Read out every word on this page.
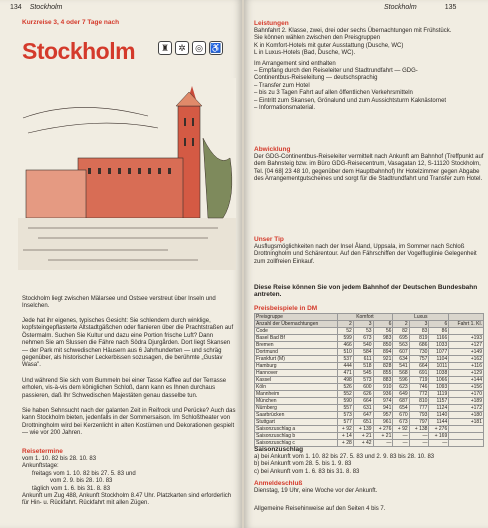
134 Stockholm
Kurzreise 3, 4 oder 7 Tage nach
Stockholm	♜	✲	◎ ♿
Stockholm liegt zwischen Mälarsee und Ostsee verstreut über Inseln und Inselchen.
Jede hat ihr eigenes, typisches Gesicht: Sie schlendern durch winklige, kopfsteingepflasterte Altstadtgäßchen oder flanieren über die Prachtstraßen auf Östermalm. Suchen Sie Kultur und dazu eine Portion frische Luft? Dann nehmen Sie am Slussen die Fähre nach Södra Djurgården. Dort liegt Skansen — der Park mit schwedischen Häusern aus 6 Jahrhunderten — und schräg gegenüber, als historischer Leckerbissen sozusagen, die berühmte „Gustav Wasa".
Und während Sie sich vom Bummeln bei einer Tasse Kaffee auf der Terrasse erholen, vis-à-vis dem königlichen Schloß, dann kann es Ihnen durchaus passieren, daß Ihr Schwedischen Majestäten genau dasselbe tun.
Sie haben Sehnsucht nach der galanten Zeit in Reifrock und Perücke? Auch das kann Stockholm bieten, jedenfalls in der Sommersaison. Im Schloßtheater von Drottningholm wird bei Kerzenlicht in alten Kostümen und Dekorationen gespielt — wie vor 200 Jahren.
Reisetermine
vom 1. 10. 82 bis 28. 10. 83
Ankunftstage:
freitags vom 1. 10. 82 bis 27. 5. 83 und
vom 2. 9. bis 28. 10. 83
täglich vom 1. 6. bis 31. 8. 83
Ankunft um Zug 488, Ankunft Stockholm 8.47 Uhr. Platzkarten sind erforderlich für Hin- u. Rückfahrt. Rückfahrt mit allen Zügen.
Stockholm	135
Leistungen
Bahnfahrt 2. Klasse, zwei, drei oder sechs Übernachtungen mit Frühstück.
Sie können wählen zwischen den Preisgruppen
K in Komfort-Hotels mit guter Ausstattung (Dusche, WC)
L in Luxus-Hotels (Bad, Dusche, WC).
Im Arrangement sind enthalten
– Empfang durch den Reiseleiter und Stadtrundfahrt — GDG-
Continentbus-Reiseleitung — deutschsprachig
– Transfer zum Hotel
– bis zu 3 Tagen Fahrt auf allen öffentlichen Verkehrsmitteln
– Eintritt zum Skansen, Grönalund und zum Aussichtsturm Kaknästornet
– Informationsmaterial.
Abwicklung
Der GDG-Continentbus-Reiseleiter vermittelt nach Ankunft am Bahnhof (Treffpunkt auf dem Bahnsteig bzw. im Büro GDG-Reisecentrum, Vasagatan 12, S-11120 Stockholm, Tel. [04 68] 23 48 10, gegenüber dem Hauptbahnhof) Ihr Hotelzimmer gegen Abgabe des Arrangementgutscheines und sorgt für die Stadtrundfahrt und Transfer zum Hotel.
Unser Tip
Ausflugsmöglichkeiten nach der Insel Åland, Uppsala, im Sommer nach Schloß Drottningholm und Schärentour. Auf den Fährschiffen der Vogelfluglinie Gelegenheit zum zollfreien Einkauf.
Diese Reise können Sie von jedem Bahnhof der Deutschen Bundesbahn antreten.
Preisbeispiele in DM
Preisgruppe	Komfort			Luxus			
Anzahl der Übernachtungen	2	3	6	2	3	6	Fahrt 1. Kl.
Code	52	53	56	82	83	86	
Basel Bad Bf	599	673	983	695	819	1166	+193
Bremen	466	540	850	563	686	1033	+127
Dortmund	510	584	894	607	730	1077	+149
Frankfurt (M)	537	611	921	634	757	1104	+162
Hamburg	444	518	828	541	664	1011	+116
Hannover	471	545	855	568	691	1038	+129
Kassel	498	573	883	596	719	1066	+144
Köln	526	600	910	623	746	1093	+156
Mannheim	552	626	936	649	772	1119	+170
München	590	664	974	687	810	1157	+189
Nürnberg	557	631	941	654	777	1124	+172
Saarbrücken	573	647	957	670	793	1140	+180
Stuttgart	577	651	961	673	797	1144	+181
Saisonzuschlag a	+ 92	+ 139	+ 276	+ 92	+ 138	+ 276	
Saisonzuschlag b	+ 14	+ 21	+ 21	—	—	+ 169	
Saisonzuschlag c	+ 28	+ 42	—	—	—	—	
Saisonzuschlag
a) bei Ankunft vom 1. 10. 82 bis 27. 5. 83 und 2. 9. 83 bis 28. 10. 83
b) bei Ankunft vom 28. 5. bis 1. 9. 83
c) bei Ankunft vom 1. 6. 83 bis 31. 8. 83
Anmeldeschluß
Dienstag, 19 Uhr, eine Woche vor der Ankunft.
Allgemeine Reisehinweise auf den Seiten 4 bis 7.
